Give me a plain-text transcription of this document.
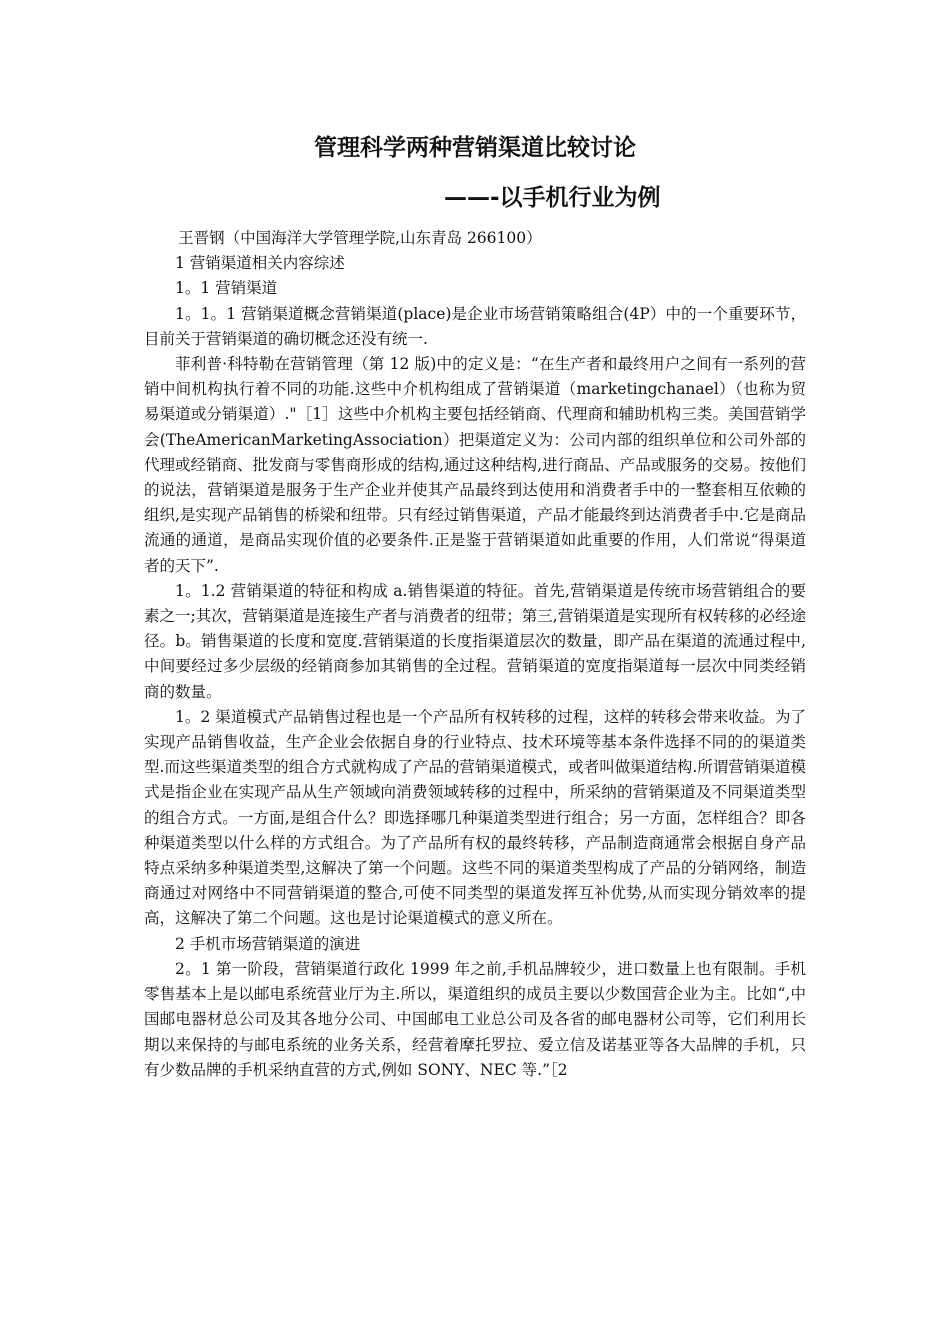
管理科学两种营销渠道比较讨论
——-以手机行业为例

王晋钢（中国海洋大学管理学院,山东青岛 266100）

1 营销渠道相关内容综述

1。1 营销渠道

1。1。1 营销渠道概念营销渠道(place)是企业市场营销策略组合(4P）中的一个重要环节，目前关于营销渠道的确切概念还没有统一.

菲利普·科特勒在营销管理（第 12 版)中的定义是：“在生产者和最终用户之间有一系列的营销中间机构执行着不同的功能.这些中介机构组成了营销渠道（marketingchanael）（也称为贸易渠道或分销渠道）."［1］这些中介机构主要包括经销商、代理商和辅助机构三类。美国营销学会(TheAmericanMarketingAssociation）把渠道定义为：公司内部的组织单位和公司外部的代理或经销商、批发商与零售商形成的结构,通过这种结构,进行商品、产品或服务的交易。按他们的说法，营销渠道是服务于生产企业并使其产品最终到达使用和消费者手中的一整套相互依赖的组织,是实现产品销售的桥梁和纽带。只有经过销售渠道，产品才能最终到达消费者手中.它是商品流通的通道，是商品实现价值的必要条件.正是鉴于营销渠道如此重要的作用，人们常说“得渠道者的天下”.

1。1.2 营销渠道的特征和构成 a.销售渠道的特征。首先,营销渠道是传统市场营销组合的要素之一;其次，营销渠道是连接生产者与消费者的纽带；第三,营销渠道是实现所有权转移的必经途径。b。销售渠道的长度和宽度.营销渠道的长度指渠道层次的数量，即产品在渠道的流通过程中,中间要经过多少层级的经销商参加其销售的全过程。营销渠道的宽度指渠道每一层次中同类经销商的数量。

1。2 渠道模式产品销售过程也是一个产品所有权转移的过程，这样的转移会带来收益。为了实现产品销售收益，生产企业会依据自身的行业特点、技术环境等基本条件选择不同的的渠道类型.而这些渠道类型的组合方式就构成了产品的营销渠道模式，或者叫做渠道结构.所谓营销渠道模式是指企业在实现产品从生产领域向消费领域转移的过程中，所采纳的营销渠道及不同渠道类型的组合方式。一方面,是组合什么？即选择哪几种渠道类型进行组合；另一方面，怎样组合？即各种渠道类型以什么样的方式组合。为了产品所有权的最终转移，产品制造商通常会根据自身产品特点采纳多种渠道类型,这解决了第一个问题。这些不同的渠道类型构成了产品的分销网络，制造商通过对网络中不同营销渠道的整合,可使不同类型的渠道发挥互补优势,从而实现分销效率的提高，这解决了第二个问题。这也是讨论渠道模式的意义所在。

2 手机市场营销渠道的演进

2。1 第一阶段，营销渠道行政化 1999 年之前,手机品牌较少，进口数量上也有限制。手机零售基本上是以邮电系统营业厅为主.所以，渠道组织的成员主要以少数国营企业为主。比如“,中国邮电器材总公司及其各地分公司、中国邮电工业总公司及各省的邮电器材公司等，它们利用长期以来保持的与邮电系统的业务关系，经营着摩托罗拉、爱立信及诺基亚等各大品牌的手机，只有少数品牌的手机采纳直营的方式,例如 SONY、NEC 等.”［2
